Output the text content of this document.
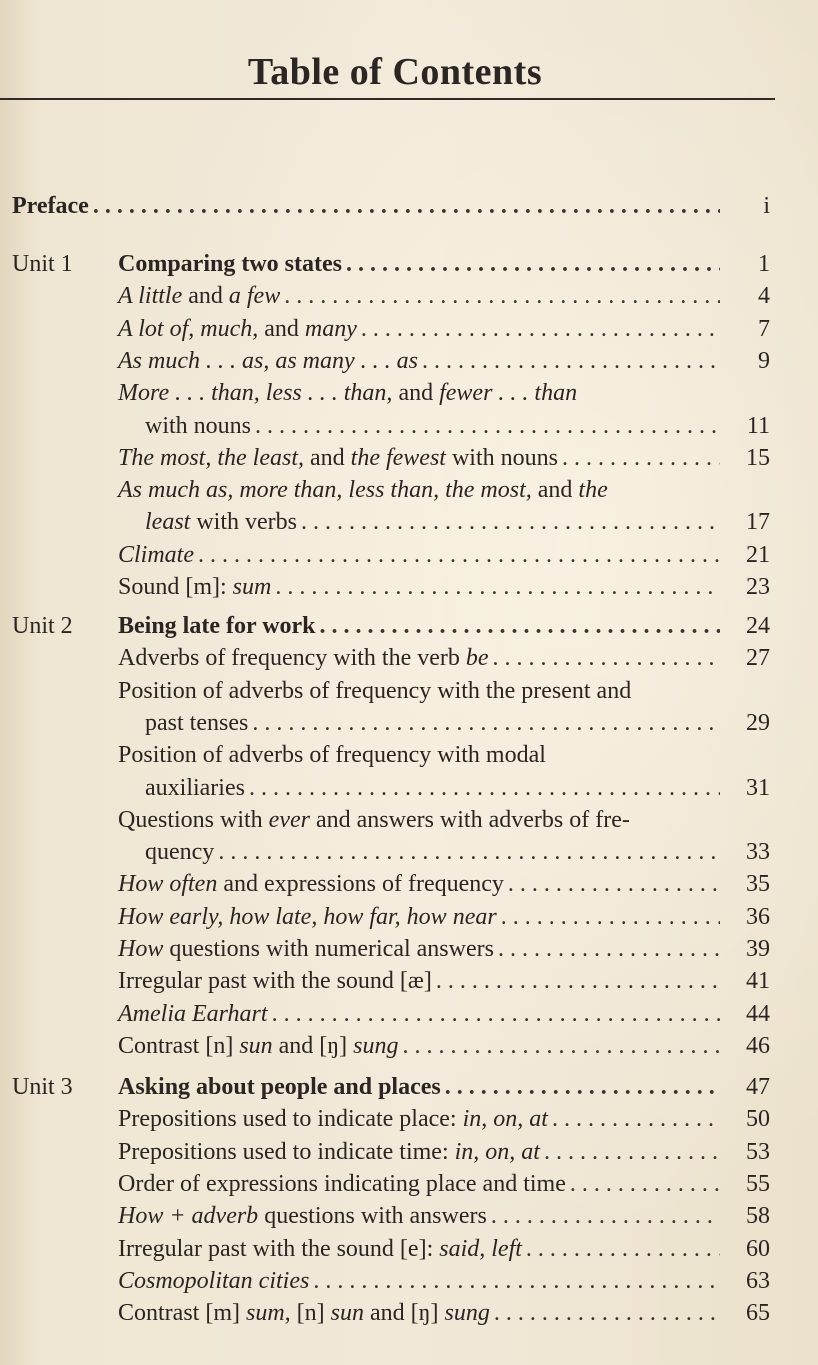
Table of Contents
Preface . . .	i
Unit 1 Comparing two states . . .	1
A little and a few . . .	4
A lot of, much, and many . . .	7
As much . . . as, as many . . . as . . .	9
More . . . than, less . . . than, and fewer . . . than
with nouns . . .	11
The most, the least, and the fewest with nouns . . .	15
As much as, more than, less than, the most, and the
least with verbs . . .	17
Climate . . .	21
Sound [m]: sum . . .	23
Unit 2 Being late for work . . .	24
Adverbs of frequency with the verb be . . .	27
Position of adverbs of frequency with the present and
past tenses . . .	29
Position of adverbs of frequency with modal
auxiliaries . . .	31
Questions with ever and answers with adverbs of fre-
quency . . .	33
How often and expressions of frequency . . .	35
How early, how late, how far, how near . . .	36
How questions with numerical answers . . .	39
Irregular past with the sound [æ] . . .	41
Amelia Earhart . . .	44
Contrast [n] sun and [ŋ] sung . . .	46
Unit 3 Asking about people and places . . .	47
Prepositions used to indicate place: in, on, at . . .	50
Prepositions used to indicate time: in, on, at . . .	53
Order of expressions indicating place and time . . .	55
How + adverb questions with answers . . .	58
Irregular past with the sound [e]: said, left . . .	60
Cosmopolitan cities . . .	63
Contrast [m] sum, [n] sun and [ŋ] sung . . .	65
